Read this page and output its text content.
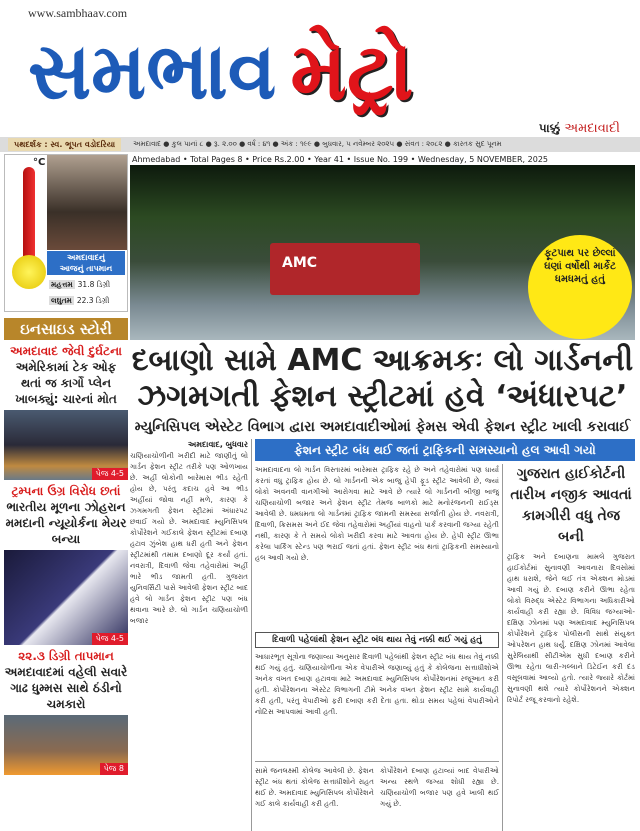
www.sambhaav.com
સમભાવ મેટ્રો
પાક્કું અમદાવાદી
પથદર્શક : સ્વ. ભૂપત વડોદરિયા	અમદાવાદ ● કુલ પાનાં ૮ ● રૂ. ૨.૦૦ ● વર્ષ : ૪૧ ● અંક : ૧૯૯ ● બુધવાર, ૫ નવેમ્બર ૨૦૨૫ ● સંવત : ૨૦૮૨ ● કારતક સુદ પૂનમ
°C
અમદાવાદનું
આજનું તાપમાન
મહત્તમ 31.8 ડિગ્રી
લઘુતમ 22.3 ડિગ્રી
ઇનસાઇડ સ્ટોરી
અમદાવાદ જેવી દુર્ઘટના
અમેરિકામાં ટેક ઓફ થતાં જ કાર્ગો પ્લેન ખાબક્યું: ચારનાં મોત
પેજ 4-5
ટ્રમ્પના ઉગ્ર વિરોધ છતાં
ભારતીય મૂળના ઝોહરાન મમદાની ન્યૂયોર્કના મેયર બન્યા
પેજ 4-5
૨૨.૩ ડિગ્રી તાપમાન
અમદાવાદમાં વહેલી સવારે ગાઢ ધુમ્મસ સાથે ઠંડીનો ચમકારો
પેજ 8
Ahmedabad • Total Pages 8 • Price Rs.2.00 • Year 41 • Issue No. 199 • Wednesday, 5 NOVEMBER, 2025
AMC
ફૂટપાથ પર છેલ્લાં ઘણાં વર્ષોથી માર્કેટ ધમધમતું હતું
દબાણો સામે AMC આક્રમકઃ લો ગાર્ડનની ઝગમગતી ફેશન સ્ટ્રીટમાં હવે ‘અંધારપટ’
મ્યુનિસિપલ એસ્ટેટ વિભાગ દ્વારા અમદાવાદીઓમાં ફેમસ એવી ફેશન સ્ટ્રીટ ખાલી કરાવાઈ
અમદાવાદ, બુધવાર
ચણિયાચોળીની ખરીદી માટે જાણીતું લો ગાર્ડન ફેશન સ્ટ્રીટ તરીકે પણ ઓળખાય છે. અહીં લોકોની બારેમાસ ભીડ રહેતી હોય છે, પરંતુ કદાચ હવે આ ભીડ અહીંયાં જોવા નહીં મળે, કારણ કે ઝગમગતી ફેશન સ્ટ્રીટમાં અંધારપટ છવાઈ ગયો છે. અમદાવાદ મ્યુનિસિપલ કોર્પોરેશને ગઈકાલે ફેશન સ્ટ્રીટમાં દબાણ હટાવ ઝુંબેશ હાથ ધરી હતી અને ફેશન સ્ટ્રીટમાંથી તમામ દબાણો દૂર કર્યાં હતાં. નવરાત્રી, દિવાળી જેવા તહેવારોમાં અહીં ભારે ભીડ જામતી હતી. ગુજરાત યુનિવર્સિટી પાસે આવેલી ફેશન સ્ટ્રીટ બાદ હવે લો ગાર્ડન ફેશન સ્ટ્રીટ પણ બંધ થવાના આરે છે. લો ગાર્ડન ચણિયાચોળી બજાર
ફેશન સ્ટ્રીટ બંધ થઈ જતાં ટ્રાફિકની સમસ્યાનો હલ આવી ગયો
અમદાવાદના લો ગાર્ડન વિસ્તારમાં બારેમાસ ટ્રાફિક રહે છે અને તહેવારોમાં પણ ધાર્યા કરતાં વધુ ટ્રાફિક હોય છે. લો ગાર્ડનની એક બાજુ હેપી ફૂડ સ્ટ્રીટ આવેલી છે, જ્યાં લોકો અવનવી વાનગીઓ આરોગવા માટે આવે છે ત્યારે લો ગાર્ડનની બીજી બાજુ ચણિયાચોળી બજાર અને ફેશન સ્ટ્રીટ તેમજ બાળકો માટે મનોરંજનની રાઈડ્સ આવેલી છે. ધમધમતા લો ગાર્ડનમાં ટ્રાફિક જામની સમસ્યા સર્જાતી હોય છે. નવરાત્રી, દિવાળી, ક્રિસમસ અને ઈદ જેવા તહેવારોમાં અહીંયાં વાહનો પાર્ક કરવાની જગ્યા રહેતી નથી, કારણ કે તે સમયે લોકો ખરીદી કરવા માટે આવતા હોય છે. હેપી સ્ટ્રીટ ઊભા કરેલા પાર્કિંગ સ્ટેન્ડ પણ ભરાઈ જતાં હતાં. ફેશન સ્ટ્રીટ બંધ થતાં ટ્રાફિકની સમસ્યાનો હલ આવી ગયો છે.
દિવાળી પહેલાંથી ફેશન સ્ટ્રીટ બંધ થાય તેવું નક્કી થઈ ગયું હતું
આધારભૂત સૂત્રોના જણાવ્યા અનુસાર દિવાળી પહેલાંથી ફેશન સ્ટ્રીટ બંધ થાય તેવું નક્કી થઈ ગયું હતું. ચણિયાચોળીના એક વેપારીએ જણાવ્યું હતું કે કોલેજના સત્તાધીશોએ અનેક વખત દબાણ હટાવવા માટે અમદાવાદ મ્યુનિસિપલ કોર્પોરેશનમાં રજૂઆત કરી હતી. કોર્પોરેશનના એસ્ટેટ વિભાગની ટીમે અનેક વખત ફેશન સ્ટ્રીટ સામે કાર્યવાહી કરી હતી, પરંતુ વેપારીઓ ફરી દબાણ કરી દેતા હતા. થોડા સમય પહેલાં વેપારીઓને નોટિસ આપવામાં આવી હતી.
સામે જનલક્ષ્મી કોલેજ આવેલી છે. ફેશન સ્ટ્રીટ બંધ થતાં કોલેજ સત્તાધીશોને રાહત થઈ છે. અમદાવાદ મ્યુનિસિપલ કોર્પોરેશને ગઈ કાલે કાર્યવાહી કરી હતી.
કોર્પોરેશને દબાણ હટાવ્યાં બાદ વેપારીઓ અન્ય સ્થળે જગ્યા શોધી રહ્યા છે. ચણિયાચોળી બજાર પણ હવે ખાલી થઈ ગયું છે.
ગુજરાત હાઈકોર્ટની તારીખ નજીક આવતાં કામગીરી વધુ તેજ બની
ટ્રાફિક અને દબાણના મામલે ગુજરાત હાઈકોર્ટમાં સુનાવણી આવનારા દિવસોમાં હાથ ધરાશે, જેને લઈ તંત્ર એક્શન મોડમાં આવી ગયું છે. દબાણ કરીને ઊભા રહેતા લોકો વિરુદ્ધ એસ્ટેટ વિભાગના અધિકારીઓ કાર્યવાહી કરી રહ્યા છે. વિવિધ જગ્યાઓ-દક્ષિણ ઝોનમાં પણ અમદાવાદ મ્યુનિસિપલ કોર્પોરેશને ટ્રાફિક પોલીસની સાથે સંયુક્ત ઓપરેશન હાથ ધર્યું. દક્ષિણ ઝોનમાં આવેલા સુરેલિયાથી સીટીએમ સુધી દબાણ કરીને ઊભા રહેતા લારી-ગલ્લાને ડિટેઈન કરી દંડ વસૂલવામાં આવ્યો હતો. ત્યારે જ્યારે કોર્ટમાં સુનાવણી થશે ત્યારે કોર્પોરેશનને એક્શન રિપોર્ટ રજૂ કરવાનો રહેશે.
